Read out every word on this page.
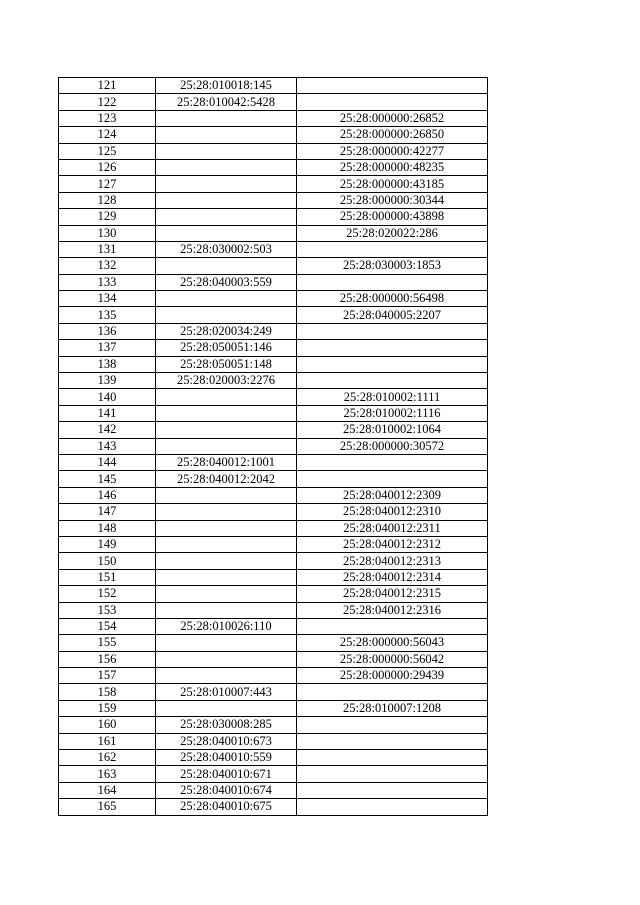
121	25:28:010018:145	
122	25:28:010042:5428	
123		25:28:000000:26852
124		25:28:000000:26850
125		25:28:000000:42277
126		25:28:000000:48235
127		25:28:000000:43185
128		25:28:000000:30344
129		25:28:000000:43898
130		25:28:020022:286
131	25:28:030002:503	
132		25:28:030003:1853
133	25:28:040003:559	
134		25:28:000000:56498
135		25:28:040005:2207
136	25:28:020034:249	
137	25:28:050051:146	
138	25:28:050051:148	
139	25:28:020003:2276	
140		25:28:010002:1111
141		25:28:010002:1116
142		25:28:010002:1064
143		25:28:000000:30572
144	25:28:040012:1001	
145	25:28:040012:2042	
146		25:28:040012:2309
147		25:28:040012:2310
148		25:28:040012:2311
149		25:28:040012:2312
150		25:28:040012:2313
151		25:28:040012:2314
152		25:28:040012:2315
153		25:28:040012:2316
154	25:28:010026:110	
155		25:28:000000:56043
156		25:28:000000:56042
157		25:28:000000:29439
158	25:28:010007:443	
159		25:28:010007:1208
160	25:28:030008:285	
161	25:28:040010:673	
162	25:28:040010:559	
163	25:28:040010:671	
164	25:28:040010:674	
165	25:28:040010:675	
